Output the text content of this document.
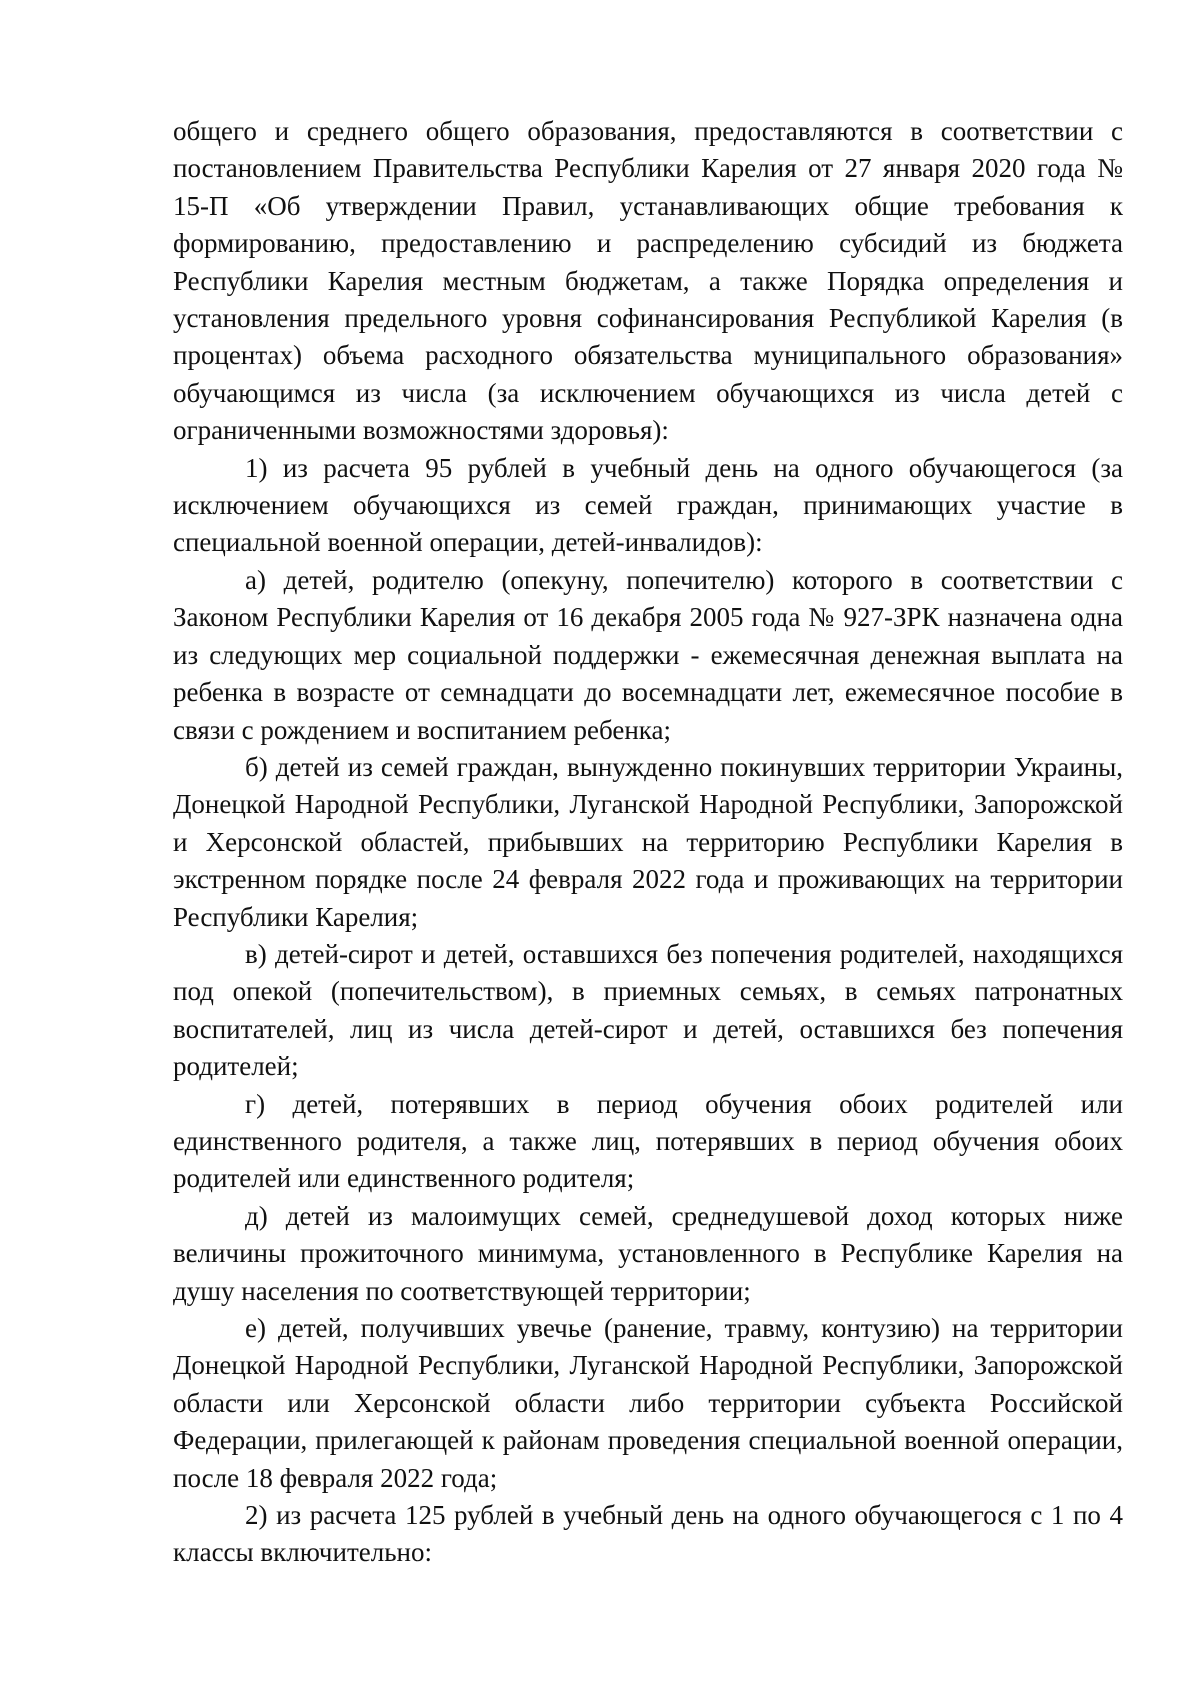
общего и среднего общего образования, предоставляются в соответствии с постановлением Правительства Республики Карелия от 27 января 2020 года № 15-П «Об утверждении Правил, устанавливающих общие требования к формированию, предоставлению и распределению субсидий из бюджета Республики Карелия местным бюджетам, а также Порядка определения и установления предельного уровня софинансирования Республикой Карелия (в процентах) объема расходного обязательства муниципального образования» обучающимся из числа (за исключением обучающихся из числа детей с ограниченными возможностями здоровья):

1) из расчета 95 рублей в учебный день на одного обучающегося (за исключением обучающихся из семей граждан, принимающих участие в специальной военной операции, детей-инвалидов):

а) детей, родителю (опекуну, попечителю) которого в соответствии с Законом Республики Карелия от 16 декабря 2005 года № 927-ЗРК назначена одна из следующих мер социальной поддержки - ежемесячная денежная выплата на ребенка в возрасте от семнадцати до восемнадцати лет, ежемесячное пособие в связи с рождением и воспитанием ребенка;

б) детей из семей граждан, вынужденно покинувших территории Украины, Донецкой Народной Республики, Луганской Народной Республики, Запорожской и Херсонской областей, прибывших на территорию Республики Карелия в экстренном порядке после 24 февраля 2022 года и проживающих на территории Республики Карелия;

в) детей-сирот и детей, оставшихся без попечения родителей, находящихся под опекой (попечительством), в приемных семьях, в семьях патронатных воспитателей, лиц из числа детей-сирот и детей, оставшихся без попечения родителей;

г) детей, потерявших в период обучения обоих родителей или единственного родителя, а также лиц, потерявших в период обучения обоих родителей или единственного родителя;

д) детей из малоимущих семей, среднедушевой доход которых ниже величины прожиточного минимума, установленного в Республике Карелия на душу населения по соответствующей территории;

е) детей, получивших увечье (ранение, травму, контузию) на территории Донецкой Народной Республики, Луганской Народной Республики, Запорожской области или Херсонской области либо территории субъекта Российской Федерации, прилегающей к районам проведения специальной военной операции, после 18 февраля 2022 года;

2) из расчета 125 рублей в учебный день на одного обучающегося с 1 по 4 классы включительно:
